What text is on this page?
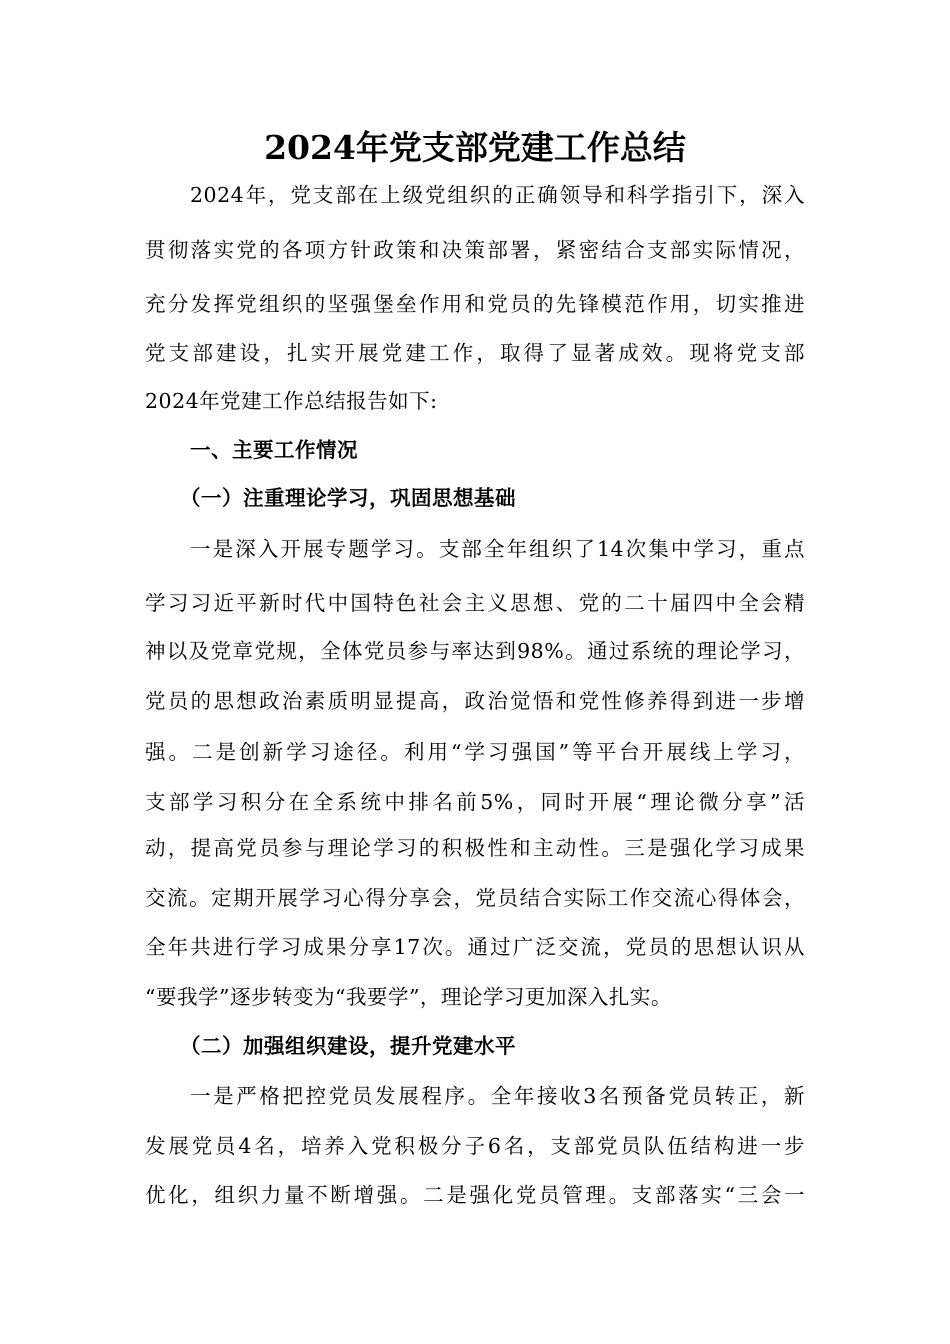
2024年党支部党建工作总结
2024年，党支部在上级党组织的正确领导和科学指引下，深入
贯彻落实党的各项方针政策和决策部署，紧密结合支部实际情况，
充分发挥党组织的坚强堡垒作用和党员的先锋模范作用，切实推进
党支部建设，扎实开展党建工作，取得了显著成效。现将党支部
2024年党建工作总结报告如下:
一、主要工作情况
（一）注重理论学习，巩固思想基础
一是深入开展专题学习。支部全年组织了14次集中学习，重点
学习习近平新时代中国特色社会主义思想、党的二十届四中全会精
神以及党章党规，全体党员参与率达到98%。通过系统的理论学习，
党员的思想政治素质明显提高，政治觉悟和党性修养得到进一步增
强。二是创新学习途径。利用“学习强国”等平台开展线上学习，
支部学习积分在全系统中排名前5%，同时开展“理论微分享”活
动，提高党员参与理论学习的积极性和主动性。三是强化学习成果
交流。定期开展学习心得分享会，党员结合实际工作交流心得体会，
全年共进行学习成果分享17次。通过广泛交流，党员的思想认识从
“要我学”逐步转变为“我要学”，理论学习更加深入扎实。
（二）加强组织建设，提升党建水平
一是严格把控党员发展程序。全年接收3名预备党员转正，新
发展党员4名，培养入党积极分子6名，支部党员队伍结构进一步
优化，组织力量不断增强。二是强化党员管理。支部落实“三会一
